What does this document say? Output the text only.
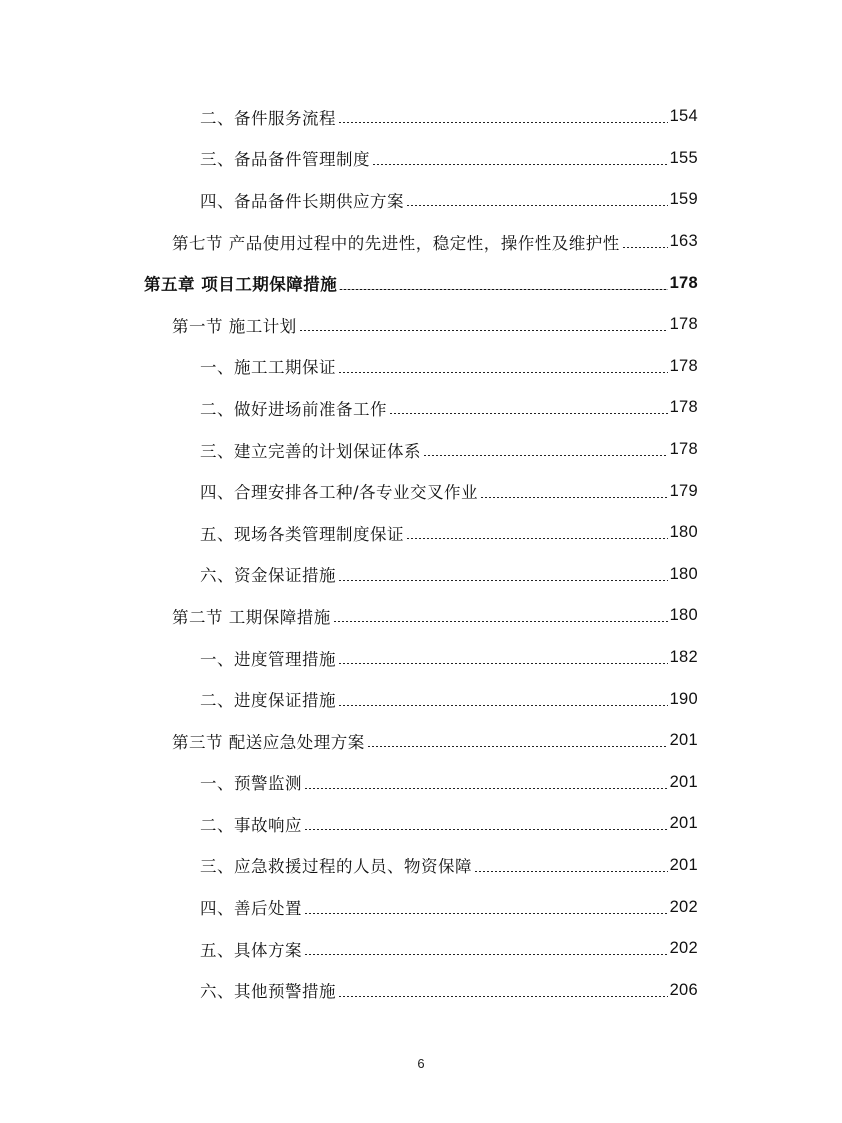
二、备件服务流程	154
三、备品备件管理制度	155
四、备品备件长期供应方案	159
第七节 产品使用过程中的先进性，稳定性，操作性及维护性	163
第五章 项目工期保障措施	178
第一节 施工计划	178
一、施工工期保证	178
二、做好进场前准备工作	178
三、建立完善的计划保证体系	178
四、合理安排各工种/各专业交叉作业	179
五、现场各类管理制度保证	180
六、资金保证措施	180
第二节 工期保障措施	180
一、进度管理措施	182
二、进度保证措施	190
第三节 配送应急处理方案	201
一、预警监测	201
二、事故响应	201
三、应急救援过程的人员、物资保障	201
四、善后处置	202
五、具体方案	202
六、其他预警措施	206
6
